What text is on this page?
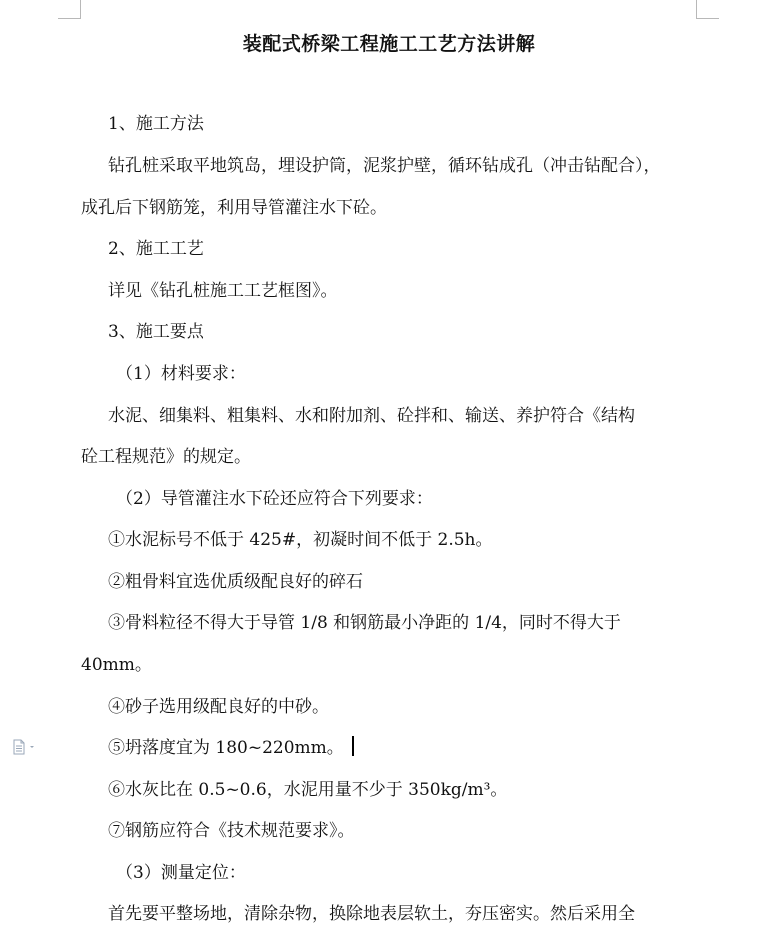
装配式桥梁工程施工工艺方法讲解
1、施工方法
钻孔桩采取平地筑岛，埋设护筒，泥浆护壁，循环钻成孔（冲击钻配合），
成孔后下钢筋笼，利用导管灌注水下砼。
2、施工工艺
详见《钻孔桩施工工艺框图》。
3、施工要点
（1）材料要求：
水泥、细集料、粗集料、水和附加剂、砼拌和、输送、养护符合《结构
砼工程规范》的规定。
（2）导管灌注水下砼还应符合下列要求：
①水泥标号不低于 425#，初凝时间不低于 2.5h。
②粗骨料宜选优质级配良好的碎石
③骨料粒径不得大于导管 1/8 和钢筋最小净距的 1/4，同时不得大于
40mm。
④砂子选用级配良好的中砂。
⑤坍落度宜为 180~220mm。
⑥水灰比在 0.5~0.6，水泥用量不少于 350kg/m³。
⑦钢筋应符合《技术规范要求》。
（3）测量定位：
首先要平整场地，清除杂物，换除地表层软土，夯压密实。然后采用全
